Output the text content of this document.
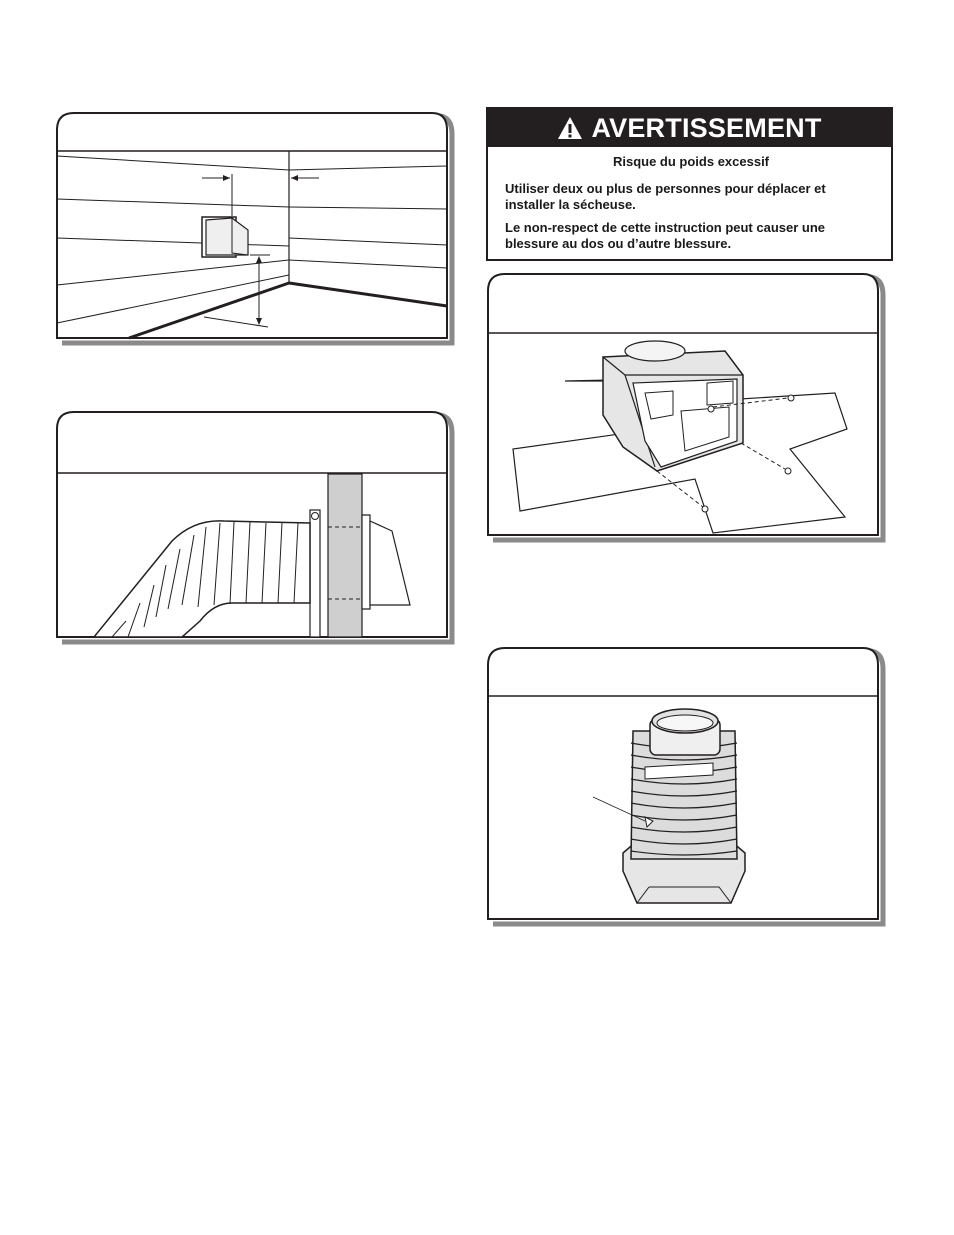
AVERTISSEMENT

Risque du poids excessif

Utiliser deux ou plus de personnes pour déplacer et installer la sécheuse.

Le non-respect de cette instruction peut causer une blessure au dos ou d’autre blessure.
